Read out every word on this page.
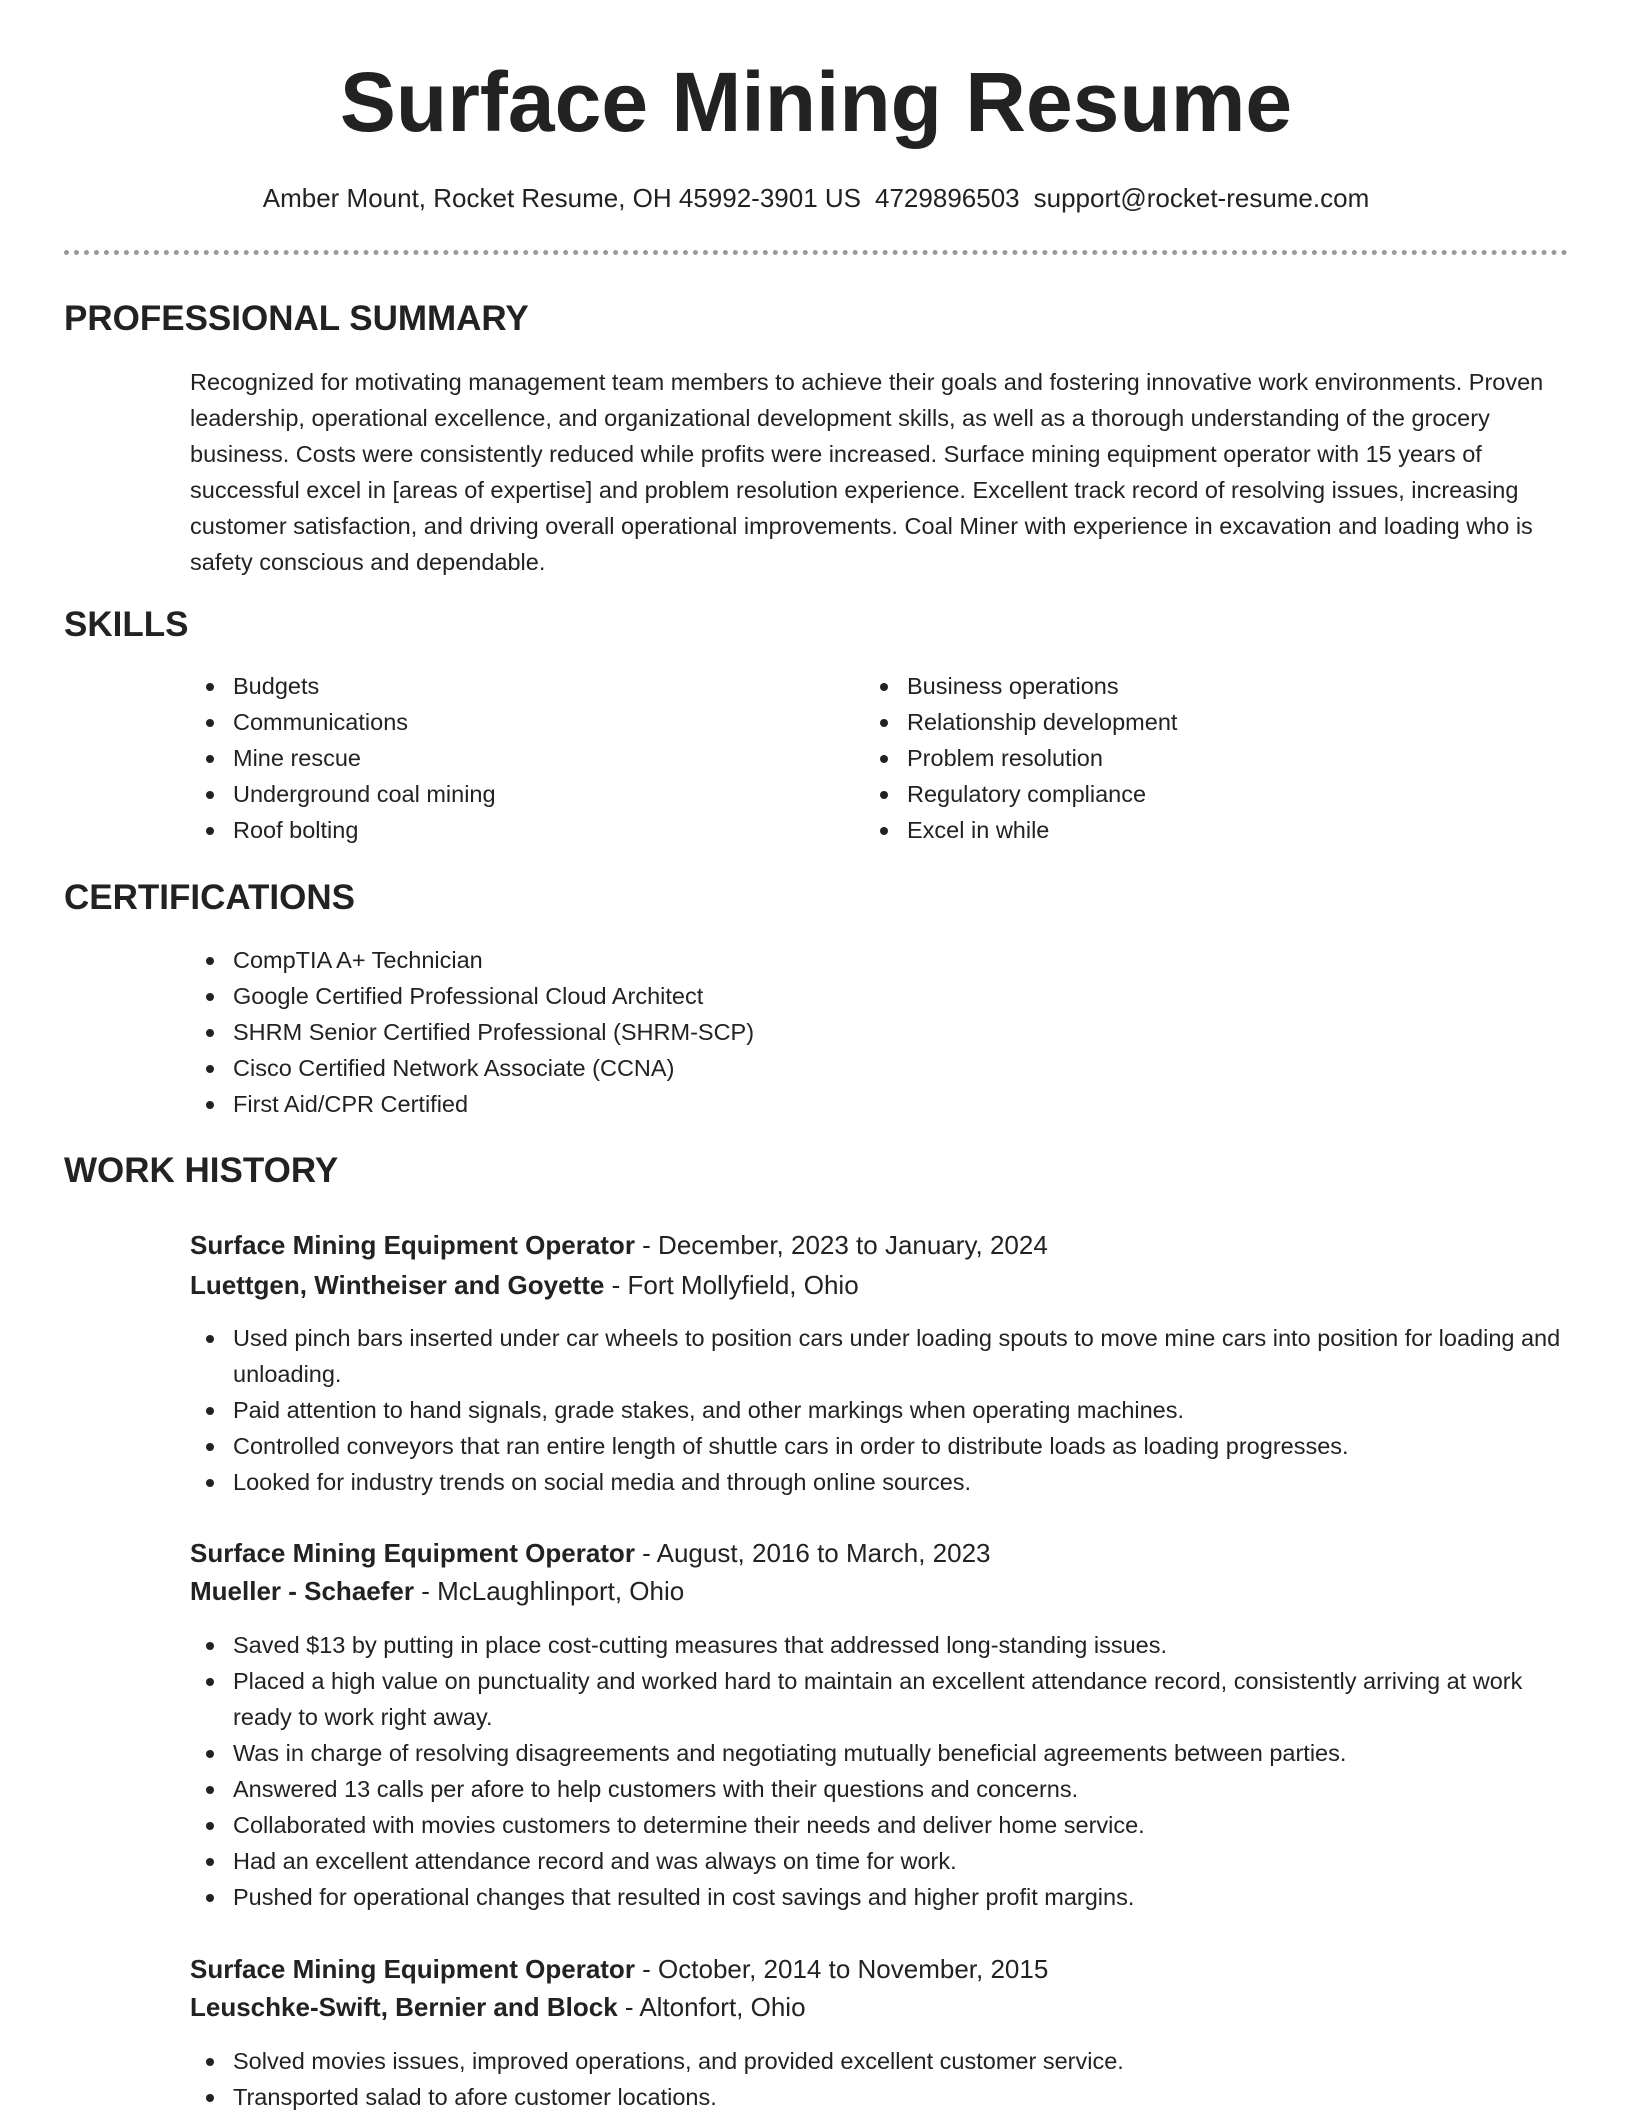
Surface Mining Resume
Amber Mount, Rocket Resume, OH 45992-3901 US 4729896503 support@rocket-resume.com
PROFESSIONAL SUMMARY
Recognized for motivating management team members to achieve their goals and fostering innovative work environments. Proven leadership, operational excellence, and organizational development skills, as well as a thorough understanding of the grocery business. Costs were consistently reduced while profits were increased. Surface mining equipment operator with 15 years of successful excel in [areas of expertise] and problem resolution experience. Excellent track record of resolving issues, increasing customer satisfaction, and driving overall operational improvements. Coal Miner with experience in excavation and loading who is safety conscious and dependable.
SKILLS
Budgets
Communications
Mine rescue
Underground coal mining
Roof bolting
Business operations
Relationship development
Problem resolution
Regulatory compliance
Excel in while
CERTIFICATIONS
CompTIA A+ Technician
Google Certified Professional Cloud Architect
SHRM Senior Certified Professional (SHRM-SCP)
Cisco Certified Network Associate (CCNA)
First Aid/CPR Certified
WORK HISTORY
Surface Mining Equipment Operator - December, 2023 to January, 2024
Luettgen, Wintheiser and Goyette - Fort Mollyfield, Ohio
Used pinch bars inserted under car wheels to position cars under loading spouts to move mine cars into position for loading and unloading.
Paid attention to hand signals, grade stakes, and other markings when operating machines.
Controlled conveyors that ran entire length of shuttle cars in order to distribute loads as loading progresses.
Looked for industry trends on social media and through online sources.
Surface Mining Equipment Operator - August, 2016 to March, 2023
Mueller - Schaefer - McLaughlinport, Ohio
Saved $13 by putting in place cost-cutting measures that addressed long-standing issues.
Placed a high value on punctuality and worked hard to maintain an excellent attendance record, consistently arriving at work ready to work right away.
Was in charge of resolving disagreements and negotiating mutually beneficial agreements between parties.
Answered 13 calls per afore to help customers with their questions and concerns.
Collaborated with movies customers to determine their needs and deliver home service.
Had an excellent attendance record and was always on time for work.
Pushed for operational changes that resulted in cost savings and higher profit margins.
Surface Mining Equipment Operator - October, 2014 to November, 2015
Leuschke-Swift, Bernier and Block - Altonfort, Ohio
Solved movies issues, improved operations, and provided excellent customer service.
Transported salad to afore customer locations.
